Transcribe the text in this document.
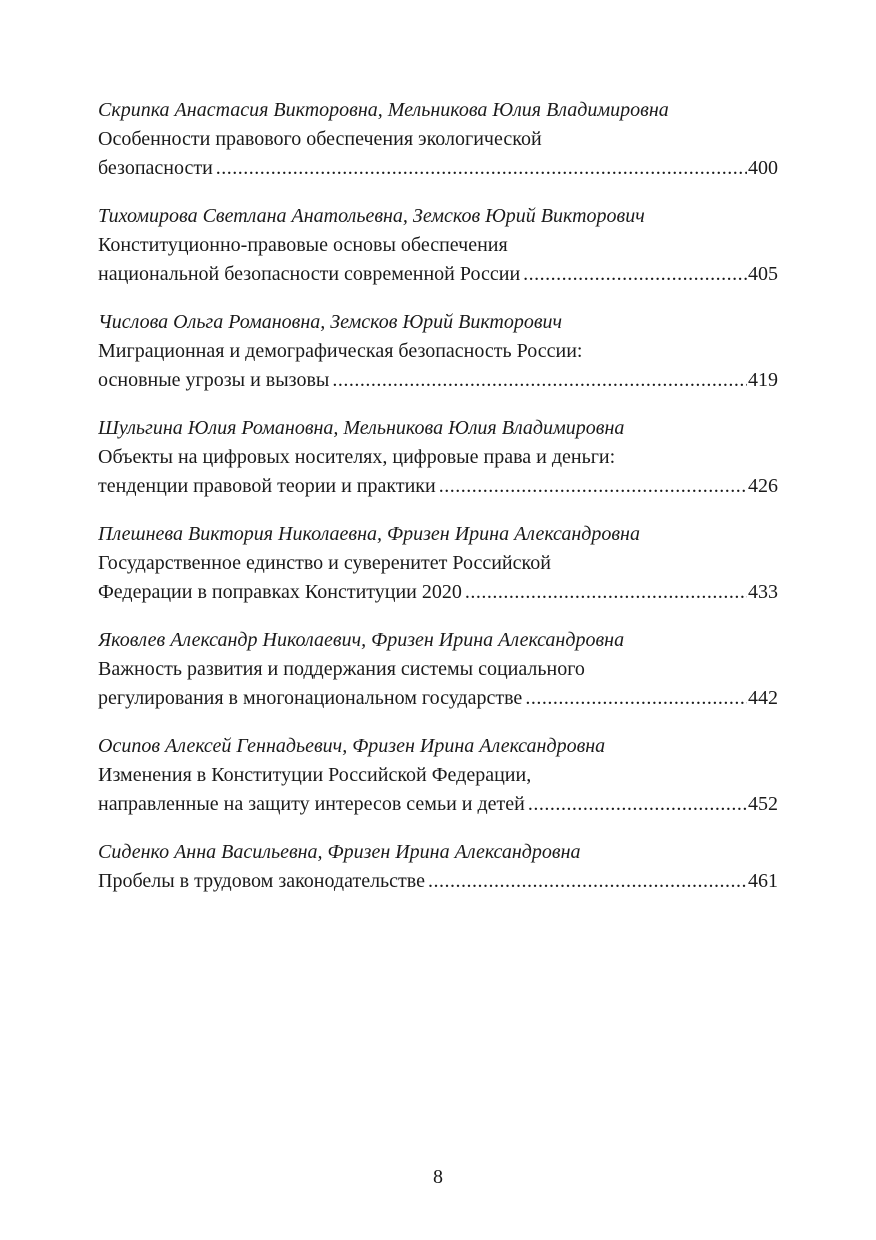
Скрипка Анастасия Викторовна, Мельникова Юлия Владимировна
Особенности правового обеспечения экологической
безопасности .....	400
Тихомирова Светлана Анатольевна, Земсков Юрий Викторович
Конституционно-правовые основы обеспечения
национальной безопасности современной России .....	405
Числова Ольга Романовна, Земсков Юрий Викторович
Миграционная и демографическая безопасность России:
основные угрозы и вызовы .....	419
Шульгина Юлия Романовна, Мельникова Юлия Владимировна
Объекты на цифровых носителях, цифровые права и деньги:
тенденции правовой теории и практики .....	426
Плешнева Виктория Николаевна, Фризен Ирина Александровна
Государственное единство и суверенитет Российской
Федерации в поправках Конституции 2020 .....	433
Яковлев Александр Николаевич, Фризен Ирина Александровна
Важность развития и поддержания системы социального
регулирования в многонациональном государстве .....	442
Осипов Алексей Геннадьевич, Фризен Ирина Александровна
Изменения в Конституции Российской Федерации,
направленные на защиту интересов семьи и детей .....	452
Сиденко Анна Васильевна, Фризен Ирина Александровна
Пробелы в трудовом законодательстве .....	461
8
